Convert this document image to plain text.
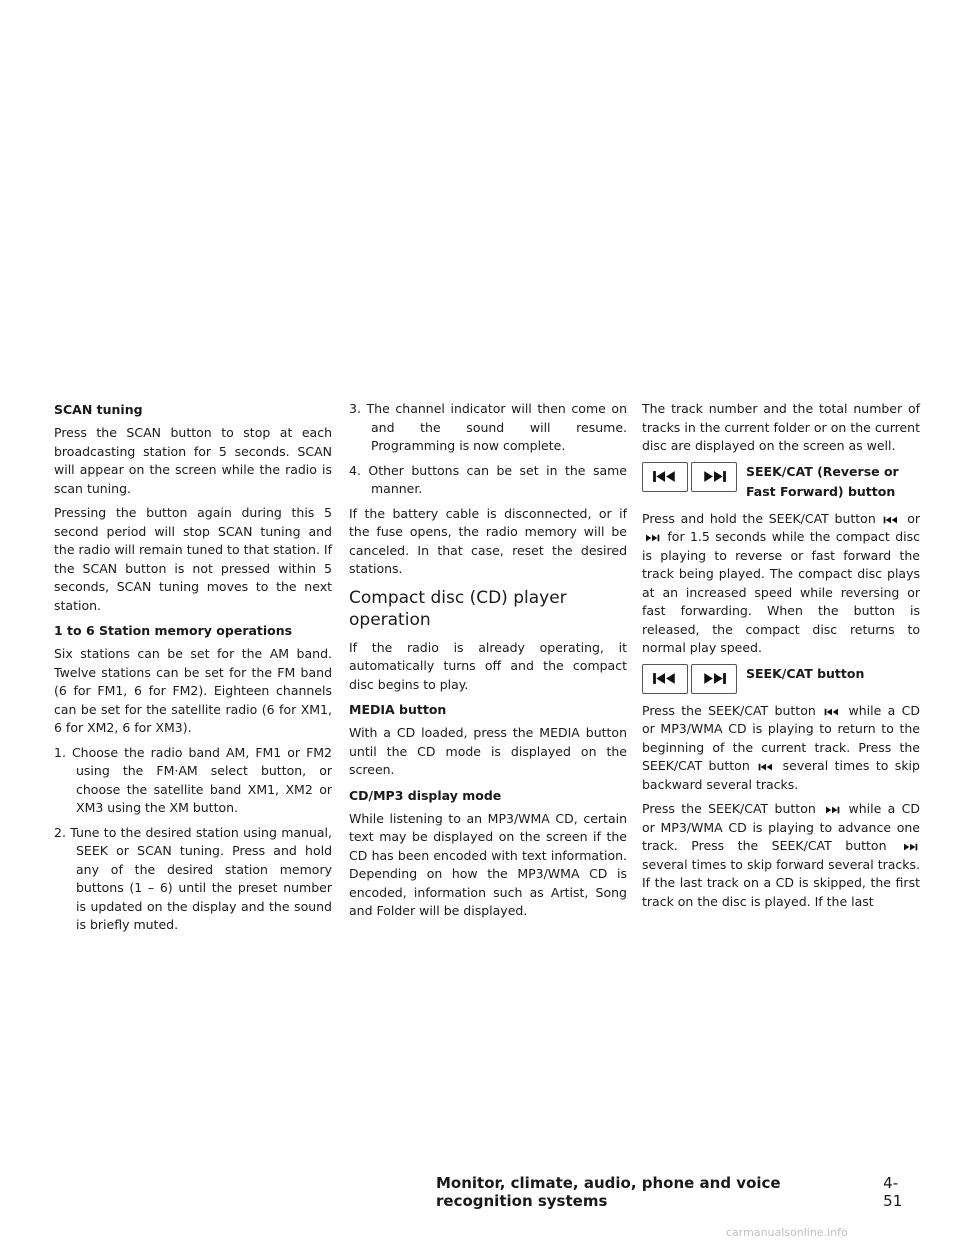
SCAN tuning
Press the SCAN button to stop at each broadcasting station for 5 seconds. SCAN will appear on the screen while the radio is scan tuning.
Pressing the button again during this 5 second period will stop SCAN tuning and the radio will remain tuned to that station. If the SCAN button is not pressed within 5 seconds, SCAN tuning moves to the next station.
1 to 6 Station memory operations
Six stations can be set for the AM band. Twelve stations can be set for the FM band (6 for FM1, 6 for FM2). Eighteen channels can be set for the satellite radio (6 for XM1, 6 for XM2, 6 for XM3).
1. Choose the radio band AM, FM1 or FM2 using the FM·AM select button, or choose the satellite band XM1, XM2 or XM3 using the XM button.
2. Tune to the desired station using manual, SEEK or SCAN tuning. Press and hold any of the desired station memory buttons (1 – 6) until the preset number is updated on the display and the sound is briefly muted.
3. The channel indicator will then come on and the sound will resume. Programming is now complete.
4. Other buttons can be set in the same manner.
If the battery cable is disconnected, or if the fuse opens, the radio memory will be canceled. In that case, reset the desired stations.
Compact disc (CD) player operation
If the radio is already operating, it automatically turns off and the compact disc begins to play.
MEDIA button
With a CD loaded, press the MEDIA button until the CD mode is displayed on the screen.
CD/MP3 display mode
While listening to an MP3/WMA CD, certain text may be displayed on the screen if the CD has been encoded with text information. Depending on how the MP3/WMA CD is encoded, information such as Artist, Song and Folder will be displayed.
The track number and the total number of tracks in the current folder or on the current disc are displayed on the screen as well.
SEEK/CAT (Reverse or Fast Forward) button
Press and hold the SEEK/CAT button	or  for 1.5 seconds while the compact disc is playing to reverse or fast forward the track being played. The compact disc plays at an increased speed while reversing or fast forwarding. When the button is released, the compact disc returns to normal play speed.
SEEK/CAT button
Press the SEEK/CAT button	while a CD or MP3/WMA CD is playing to return to the beginning of the current track. Press the SEEK/CAT button	several times to skip backward several tracks.
Press the SEEK/CAT button	while a CD or MP3/WMA CD is playing to advance one track. Press the SEEK/CAT button  several times to skip forward several tracks. If the last track on a CD is skipped, the first track on the disc is played. If the last
Monitor, climate, audio, phone and voice recognition systems
4-51
carmanualsonline.info
